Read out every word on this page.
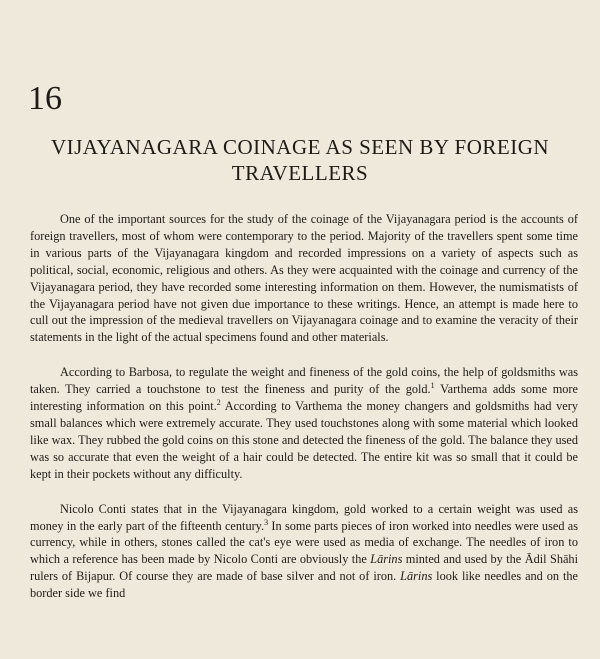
16
VIJAYANAGARA COINAGE AS SEEN BY FOREIGN TRAVELLERS

One of the important sources for the study of the coinage of the Vijayanagara period is the accounts of foreign travellers, most of whom were contemporary to the period. Majority of the travellers spent some time in various parts of the Vijayanagara kingdom and recorded impressions on a variety of aspects such as political, social, economic, religious and others. As they were acquainted with the coinage and currency of the Vijayanagara period, they have recorded some interesting information on them. However, the numismatists of the Vijayanagara period have not given due importance to these writings. Hence, an attempt is made here to cull out the impression of the medieval travellers on Vijayanagara coinage and to examine the veracity of their statements in the light of the actual specimens found and other materials.

According to Barbosa, to regulate the weight and fineness of the gold coins, the help of goldsmiths was taken. They carried a touchstone to test the fineness and purity of the gold.$^1$ Varthema adds some more interesting information on this point.$^2$ According to Varthema the money changers and goldsmiths had very small balances which were extremely accurate. They used touchstones along with some material which looked like wax. They rubbed the gold coins on this stone and detected the fineness of the gold. The balance they used was so accurate that even the weight of a hair could be detected. The entire kit was so small that it could be kept in their pockets without any difficulty.

Nicolo Conti states that in the Vijayanagara kingdom, gold worked to a certain weight was used as money in the early part of the fifteenth century.$^3$ In some parts pieces of iron worked into needles were used as currency, while in others, stones called the cat's eye were used as media of exchange. The needles of iron to which a reference has been made by Nicolo Conti are obviously the Lārins minted and used by the Ādil Shāhi rulers of Bijapur. Of course they are made of base silver and not of iron. Lārins look like needles and on the border side we find
